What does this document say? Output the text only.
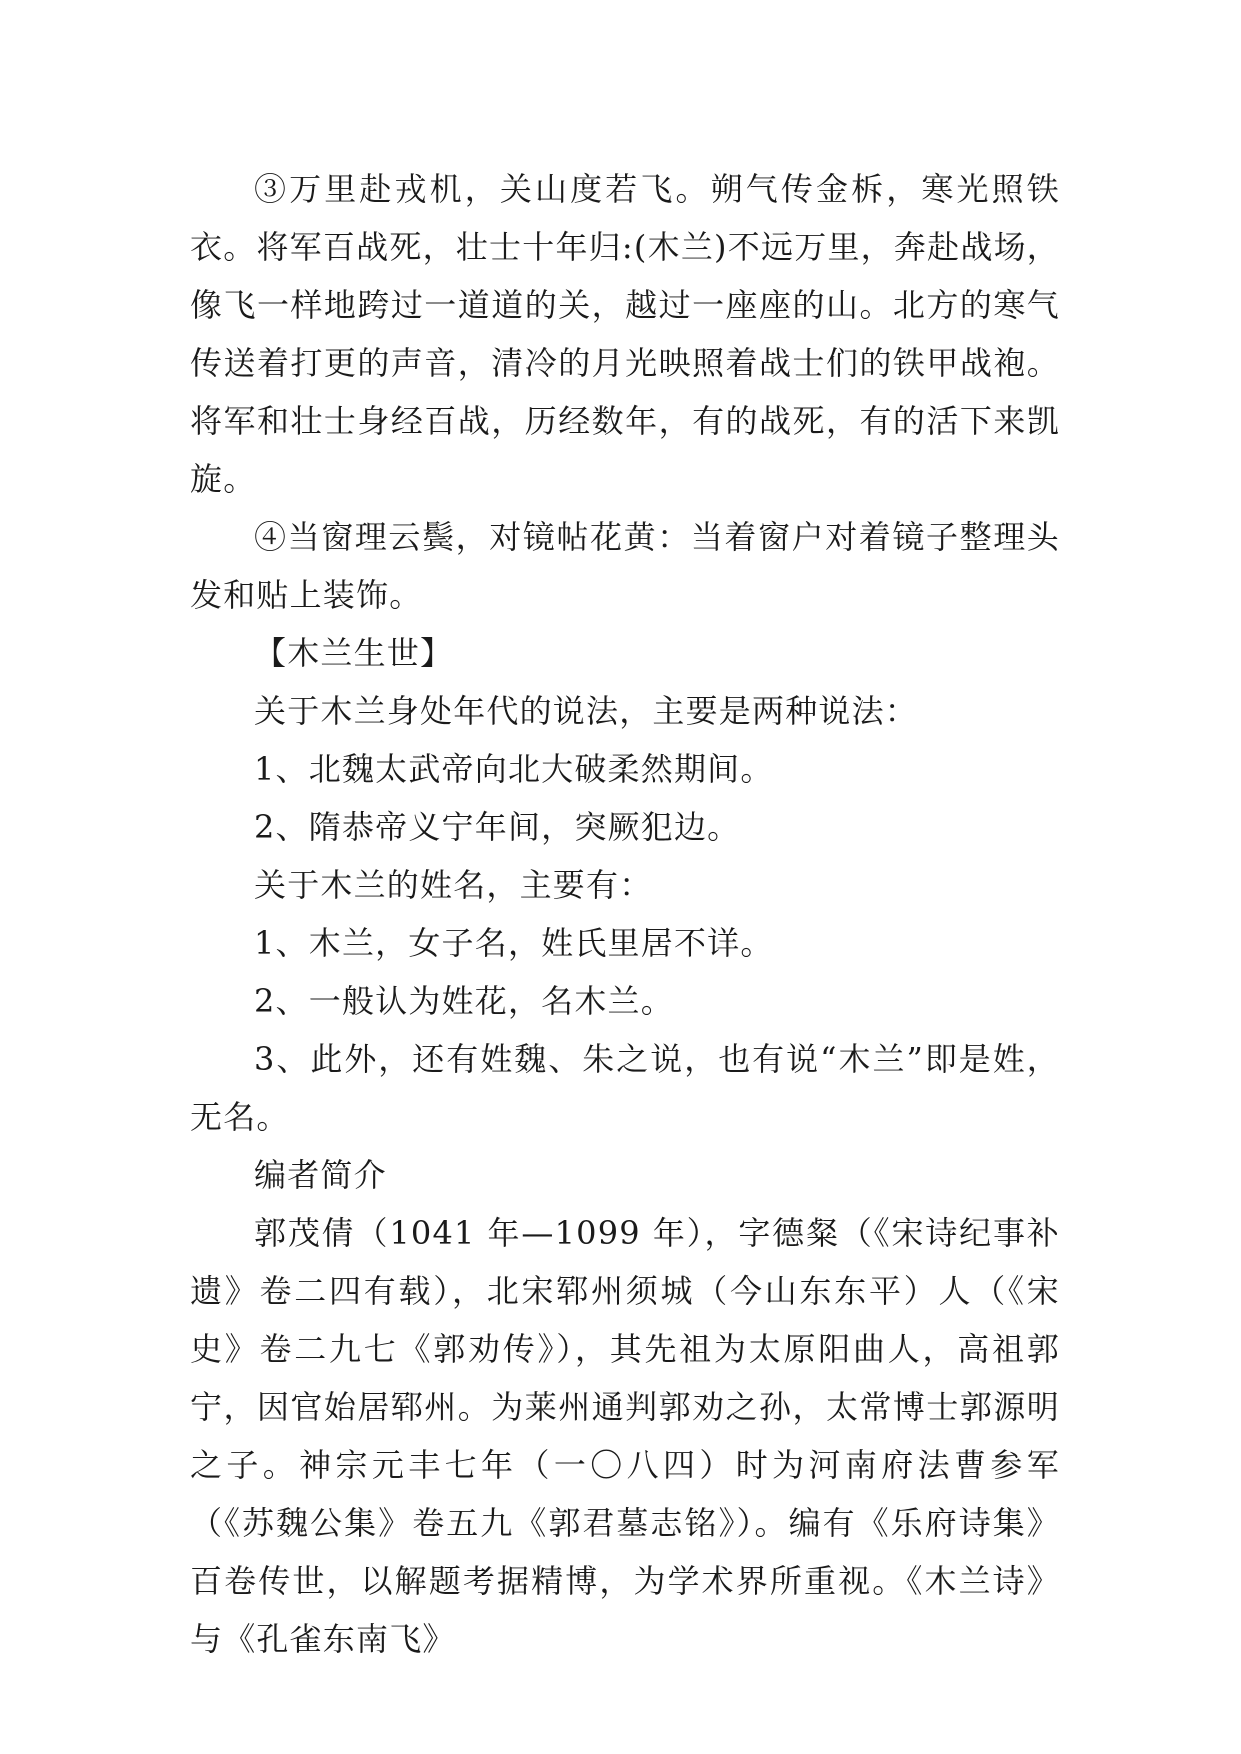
③万里赴戎机，关山度若飞。朔气传金柝，寒光照铁衣。将军百战死，壮士十年归:(木兰)不远万里，奔赴战场，像飞一样地跨过一道道的关，越过一座座的山。北方的寒气传送着打更的声音，清冷的月光映照着战士们的铁甲战袍。将军和壮士身经百战，历经数年，有的战死，有的活下来凯旋。

④当窗理云鬓，对镜帖花黄：当着窗户对着镜子整理头发和贴上装饰。

【木兰生世】

关于木兰身处年代的说法，主要是两种说法：

1、北魏太武帝向北大破柔然期间。

2、隋恭帝义宁年间，突厥犯边。

关于木兰的姓名，主要有：

1、木兰，女子名，姓氏里居不详。

2、一般认为姓花，名木兰。

3、此外，还有姓魏、朱之说，也有说“木兰”即是姓，无名。

编者简介

郭茂倩（1041 年—1099 年），字德粲（《宋诗纪事补遗》卷二四有载），北宋郓州须城（今山东东平）人（《宋史》卷二九七《郭劝传》），其先祖为太原阳曲人，高祖郭宁，因官始居郓州。为莱州通判郭劝之孙，太常博士郭源明之子。神宗元丰七年（一〇八四）时为河南府法曹参军（《苏魏公集》卷五九《郭君墓志铭》）。编有《乐府诗集》百卷传世，以解题考据精博，为学术界所重视。《木兰诗》与《孔雀东南飞》
